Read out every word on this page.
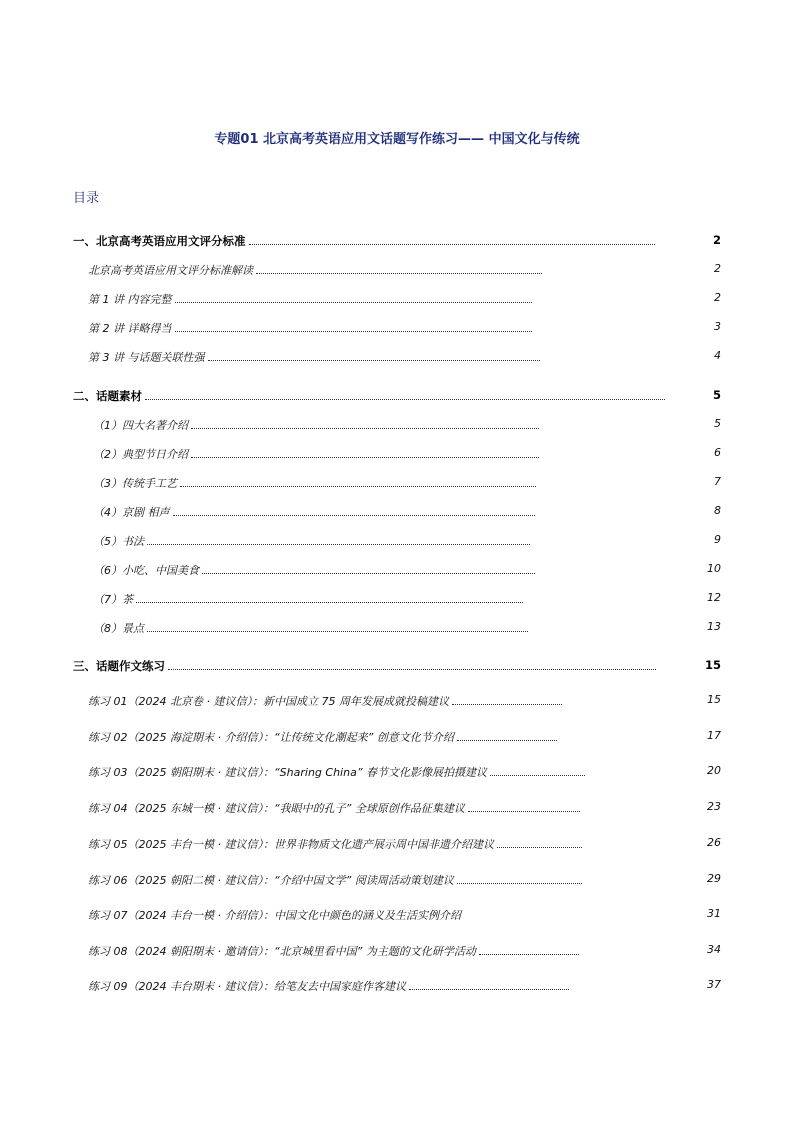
专题01 北京高考英语应用文话题写作练习—— 中国文化与传统
目录
一、北京高考英语应用文评分标准	2
北京高考英语应用文评分标准解读	2
第 1 讲 内容完整	2
第 2 讲 详略得当	3
第 3 讲 与话题关联性强	4
二、话题素材	5
（1）四大名著介绍	5
（2）典型节日介绍	6
（3）传统手工艺	7
（4）京剧 相声	8
（5）书法	9
（6）小吃、中国美食	10
（7）茶	12
（8）景点	13
三、话题作文练习	15
练习 01（2024 北京卷 · 建议信）：新中国成立 75 周年发展成就投稿建议	15
练习 02（2025 海淀期末 · 介绍信）：“让传统文化潮起来” 创意文化节介绍	17
练习 03（2025 朝阳期末 · 建议信）：“Sharing China” 春节文化影像展拍摄建议	20
练习 04（2025 东城一模 · 建议信）：“我眼中的孔子” 全球原创作品征集建议	23
练习 05（2025 丰台一模 · 建议信）：世界非物质文化遗产展示周中国非遗介绍建议	26
练习 06（2025 朝阳二模 · 建议信）：“介绍中国文学” 阅读周活动策划建议	29
练习 07（2024 丰台一模 · 介绍信）：中国文化中颜色的涵义及生活实例介绍	31
练习 08（2024 朝阳期末 · 邀请信）：“北京城里看中国” 为主题的文化研学活动	34
练习 09（2024 丰台期末 · 建议信）：给笔友去中国家庭作客建议	37
